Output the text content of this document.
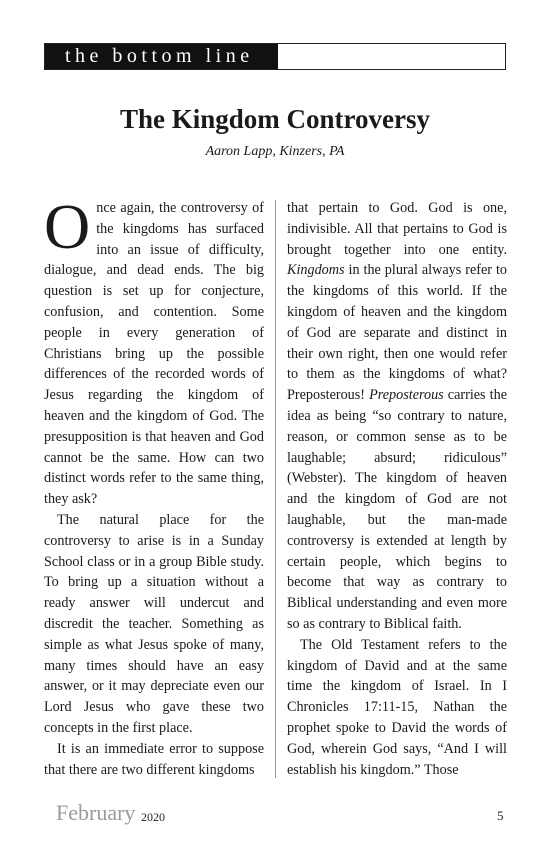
the bottom line
The Kingdom Controversy
Aaron Lapp, Kinzers, PA

Once again, the controversy of the kingdoms has surfaced into an issue of difficulty, dialogue, and dead ends. The big question is set up for conjecture, confusion, and contention. Some people in every generation of Christians bring up the possible differences of the recorded words of Jesus regarding the kingdom of heaven and the kingdom of God. The presupposition is that heaven and God cannot be the same. How can two distinct words refer to the same thing, they ask?

The natural place for the controversy to arise is in a Sunday School class or in a group Bible study. To bring up a situation without a ready answer will undercut and discredit the teacher. Something as simple as what Jesus spoke of many, many times should have an easy answer, or it may depreciate even our Lord Jesus who gave these two concepts in the first place.

It is an immediate error to suppose that there are two different kingdoms

that pertain to God. God is one, indivisible. All that pertains to God is brought together into one entity. Kingdoms in the plural always refer to the kingdoms of this world. If the kingdom of heaven and the kingdom of God are separate and distinct in their own right, then one would refer to them as the kingdoms of what? Preposterous! Preposterous carries the idea as being “so contrary to nature, reason, or common sense as to be laughable; absurd; ridiculous” (Webster). The kingdom of heaven and the kingdom of God are not laughable, but the man-made controversy is extended at length by certain people, which begins to become that way as contrary to Biblical understanding and even more so as contrary to Biblical faith.

The Old Testament refers to the kingdom of David and at the same time the kingdom of Israel. In I Chronicles 17:11-15, Nathan the prophet spoke to David the words of God, wherein God says, “And I will establish his kingdom.” Those

February 2020	5
